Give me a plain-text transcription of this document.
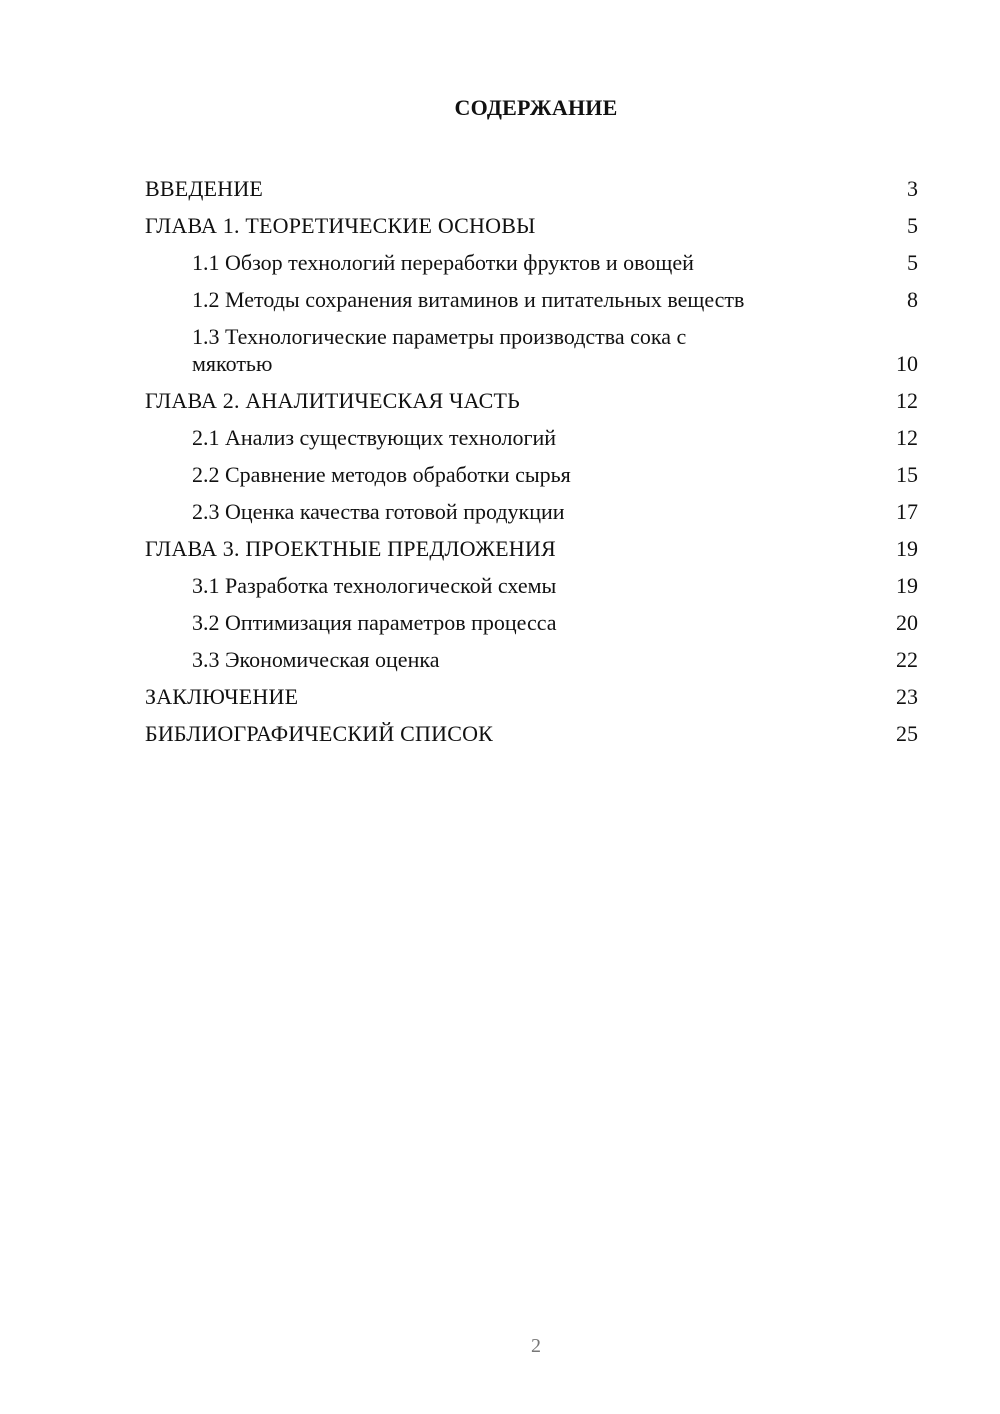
СОДЕРЖАНИЕ
ВВЕДЕНИЕ	3
ГЛАВА 1. ТЕОРЕТИЧЕСКИЕ ОСНОВЫ	5
1.1 Обзор технологий переработки фруктов и овощей	5
1.2 Методы сохранения витаминов и питательных веществ	8
1.3 Технологические параметры производства сока с мякотью	10
ГЛАВА 2. АНАЛИТИЧЕСКАЯ ЧАСТЬ	12
2.1 Анализ существующих технологий	12
2.2 Сравнение методов обработки сырья	15
2.3 Оценка качества готовой продукции	17
ГЛАВА 3. ПРОЕКТНЫЕ ПРЕДЛОЖЕНИЯ	19
3.1 Разработка технологической схемы	19
3.2 Оптимизация параметров процесса	20
3.3 Экономическая оценка	22
ЗАКЛЮЧЕНИЕ	23
БИБЛИОГРАФИЧЕСКИЙ СПИСОК	25
2
